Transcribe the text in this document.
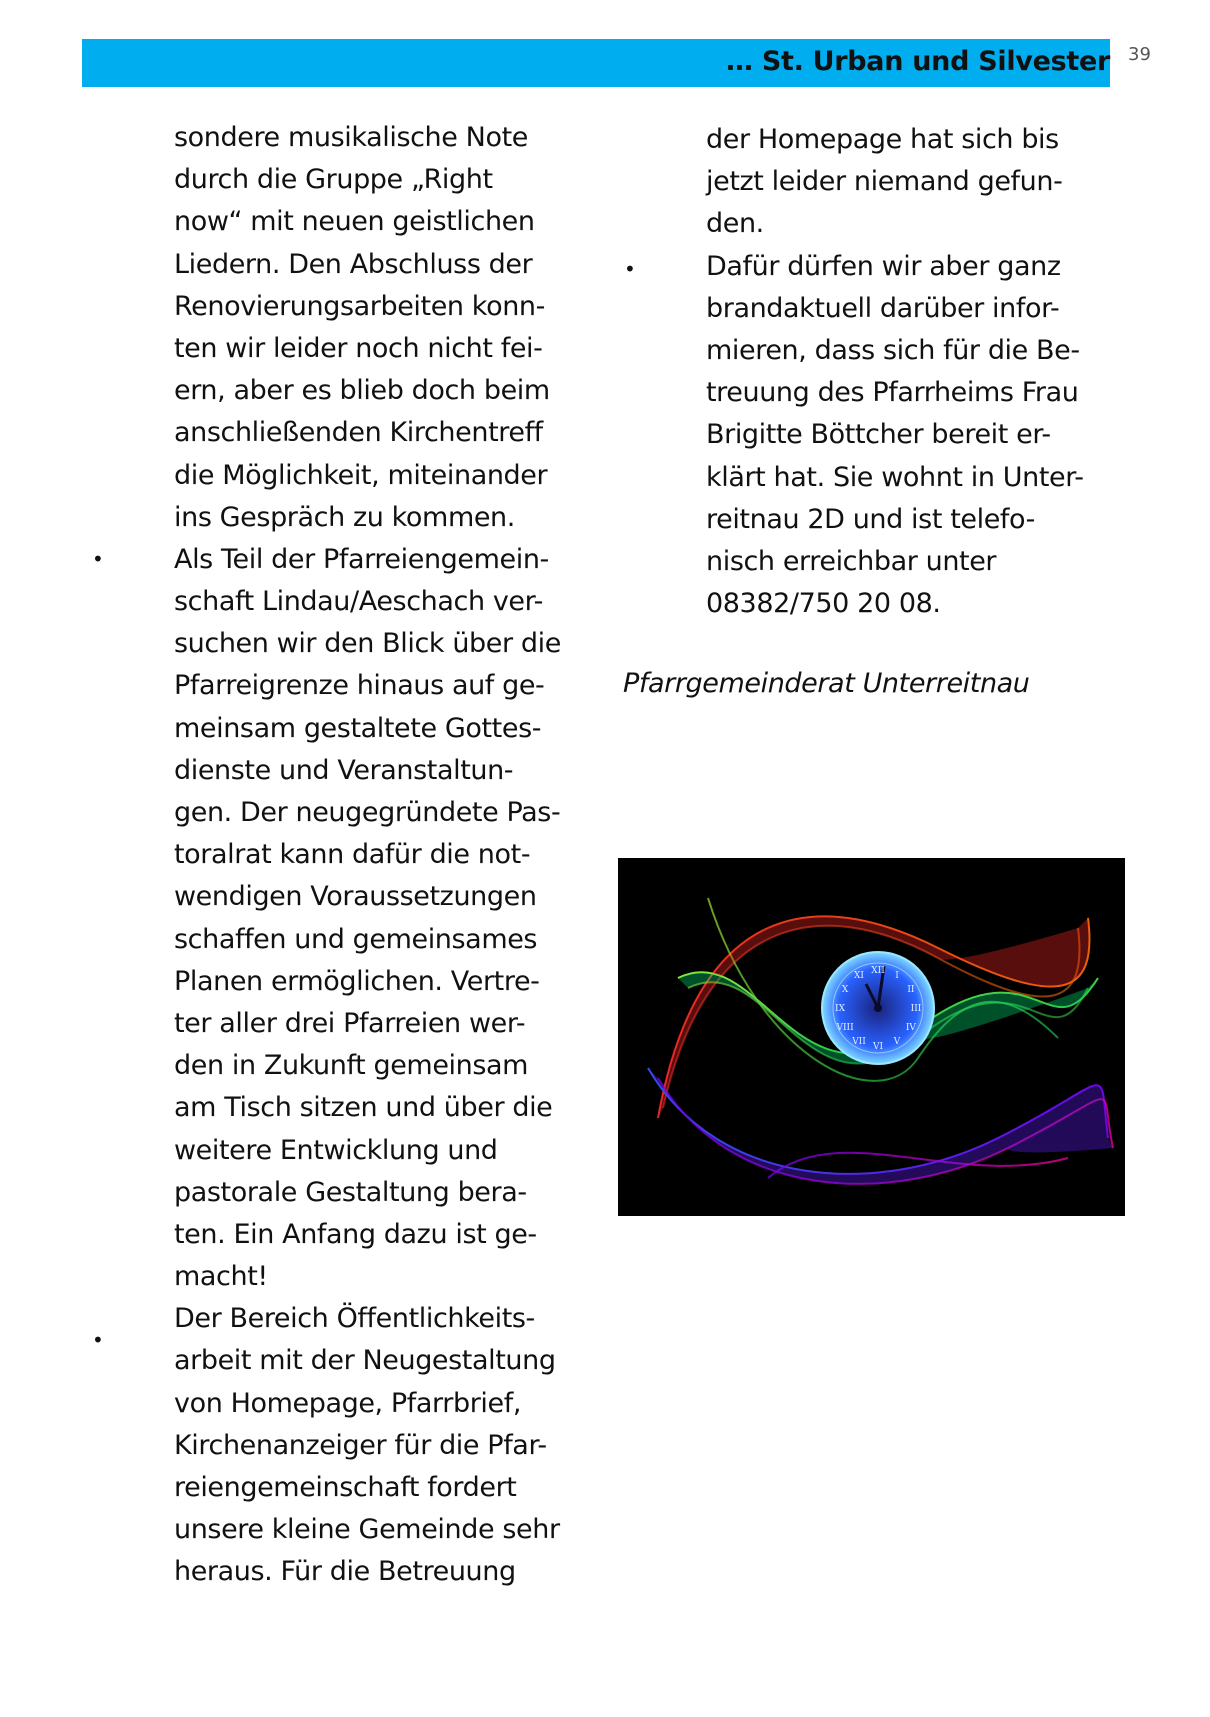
… St. Urban und Silvester 39
sondere musikalische Note
durch die Gruppe „Right
now“ mit neuen geistlichen
Liedern. Den Abschluss der
Renovierungsarbeiten konn-
ten wir leider noch nicht fei-
ern, aber es blieb doch beim
anschließenden Kirchentreff
die Möglichkeit, miteinander
ins Gespräch zu kommen.
Als Teil der Pfarreiengemein-
schaft Lindau/Aeschach ver-
suchen wir den Blick über die
Pfarreigrenze hinaus auf ge-
meinsam gestaltete Gottes-
dienste und Veranstaltun-
gen. Der neugegründete Pas-
toralrat kann dafür die not-
wendigen Voraussetzungen
schaffen und gemeinsames
Planen ermöglichen. Vertre-
ter aller drei Pfarreien wer-
den in Zukunft gemeinsam
am Tisch sitzen und über die
weitere Entwicklung und
pastorale Gestaltung bera-
ten. Ein Anfang dazu ist ge-
macht!
Der Bereich Öffentlichkeits-
arbeit mit der Neugestaltung
von Homepage, Pfarrbrief,
Kirchenanzeiger für die Pfar-
reiengemeinschaft fordert
unsere kleine Gemeinde sehr
heraus. Für die Betreuung
der Homepage hat sich bis
jetzt leider niemand gefun-
den.
Dafür dürfen wir aber ganz
brandaktuell darüber infor-
mieren, dass sich für die Be-
treuung des Pfarrheims Frau
Brigitte Böttcher bereit er-
klärt hat. Sie wohnt in Unter-
reitnau 2D und ist telefo-
nisch erreichbar unter
08382/750 20 08.
•
•
•
Pfarrgemeinderat Unterreitnau
XII
I
II
III
IV
V
VI
VII
VIII
IX
X
XI
